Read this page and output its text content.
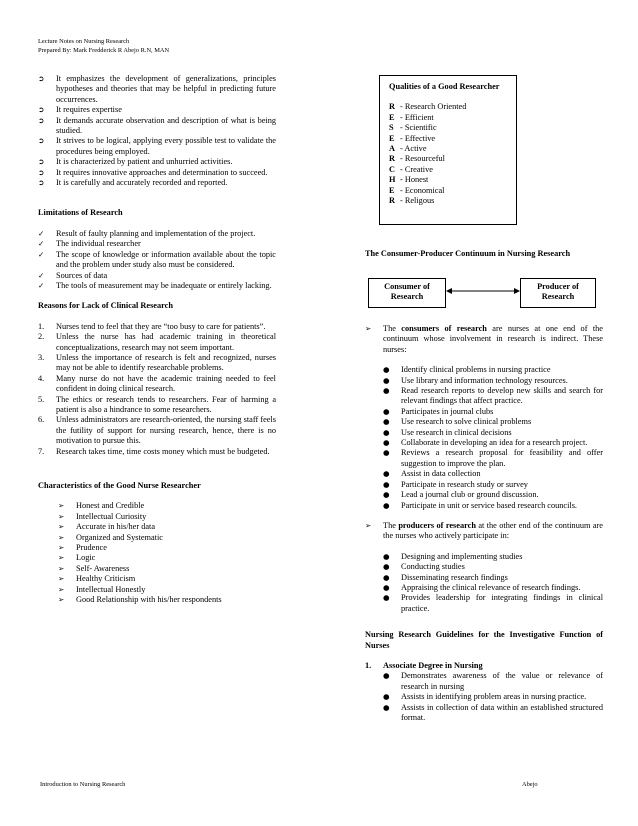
Lecture Notes on Nursing Research
Prepared By: Mark Fredderick R Abejo R.N, MAN
➲	It emphasizes the development of generalizations, principles hypotheses and theories that may be helpful in predicting future occurrences.
➲	It requires expertise
➲	It demands accurate observation and description of what is being studied.
➲	It strives to be logical, applying every possible test to validate the procedures being employed.
➲	It is characterized by patient and unhurried activities.
➲	It requires innovative approaches and determination to succeed.
➲	It is carefully and accurately recorded and reported.
Limitations of Research
✓	Result of faulty planning and implementation of the project.
✓	The individual researcher
✓	The scope of knowledge or information available about the topic and the problem under study also must be considered.
✓	Sources of data
✓	The tools of measurement may be inadequate or entirely lacking.
Reasons for Lack of Clinical Research
1.	Nurses tend to feel that they are “too busy to care for patients”.
2.	Unless the nurse has had academic training in theoretical conceptualizations, research may not seem important.
3.	Unless the importance of research is felt and recognized, nurses may not be able to identify researchable problems.
4.	Many nurse do not have the academic training needed to feel confident in doing clinical research.
5.	The ethics or research tends to researchers. Fear of harming a patient is also a hindrance to some researchers.
6.	Unless administrators are research-oriented, the nursing staff feels the futility of support for nursing research, hence, there is no motivation to pursue this.
7.	Research takes time, time costs money which must be budgeted.
Characteristics of the Good Nurse Researcher
➢	Honest and Credible
➢	Intellectual Curiosity
➢	Accurate in his/her data
➢	Organized and Systematic
➢	Prudence
➢	Logic
➢	Self- Awareness
➢	Healthy Criticism
➢	Intellectual Honestly
➢	Good Relationship with his/her respondents
Qualities of a Good Researcher
R - Research Oriented
E - Efficient
S - Scientific
E - Effective
A - Active
R - Resourceful
C - Creative
H - Honest
E - Economical
R - Religous
The Consumer-Producer Continuum in Nursing Research
Consumer of Research
Producer of Research
➢	The consumers of research are nurses at one end of the continuum whose involvement in research is indirect. These nurses:
●	Identify clinical problems in nursing practice
●	Use library and information technology resources.
●	Read research reports to develop new skills and search for relevant findings that affect practice.
●	Participates in journal clubs
●	Use research to solve clinical problems
●	Use research in clinical decisions
●	Collaborate in developing an idea for a research project.
●	Reviews a research proposal for feasibility and offer suggestion to improve the plan.
●	Assist in data collection
●	Participate in research study or survey
●	Lead a journal club or ground discussion.
●	Participate in unit or service based research councils.
➢	The producers of research at the other end of the continuum are the nurses who actively participate in:
●	Designing and implementing studies
●	Conducting studies
●	Disseminating research findings
●	Appraising the clinical relevance of research findings.
●	Provides leadership for integrating findings in clinical practice.
Nursing Research Guidelines for the Investigative Function of Nurses
1. Associate Degree in Nursing
●	Demonstrates awareness of the value or relevance of research in nursing
●	Assists in identifying problem areas in nursing practice.
●	Assists in collection of data within an established structured format.
Introduction to Nursing Research	Abejo
